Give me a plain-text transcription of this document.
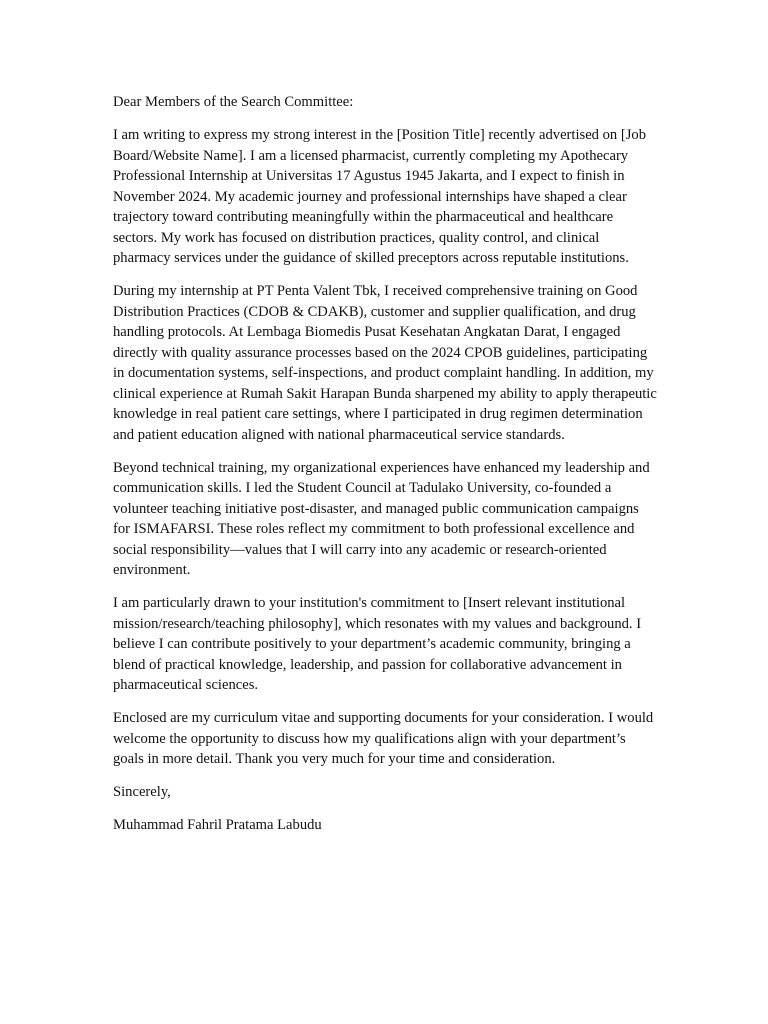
Dear Members of the Search Committee:

I am writing to express my strong interest in the [Position Title] recently advertised on [Job Board/Website Name]. I am a licensed pharmacist, currently completing my Apothecary Professional Internship at Universitas 17 Agustus 1945 Jakarta, and I expect to finish in November 2024. My academic journey and professional internships have shaped a clear trajectory toward contributing meaningfully within the pharmaceutical and healthcare sectors. My work has focused on distribution practices, quality control, and clinical pharmacy services under the guidance of skilled preceptors across reputable institutions.

During my internship at PT Penta Valent Tbk, I received comprehensive training on Good Distribution Practices (CDOB & CDAKB), customer and supplier qualification, and drug handling protocols. At Lembaga Biomedis Pusat Kesehatan Angkatan Darat, I engaged directly with quality assurance processes based on the 2024 CPOB guidelines, participating in documentation systems, self-inspections, and product complaint handling. In addition, my clinical experience at Rumah Sakit Harapan Bunda sharpened my ability to apply therapeutic knowledge in real patient care settings, where I participated in drug regimen determination and patient education aligned with national pharmaceutical service standards.

Beyond technical training, my organizational experiences have enhanced my leadership and communication skills. I led the Student Council at Tadulako University, co-founded a volunteer teaching initiative post-disaster, and managed public communication campaigns for ISMAFARSI. These roles reflect my commitment to both professional excellence and social responsibility—values that I will carry into any academic or research-oriented environment.

I am particularly drawn to your institution's commitment to [Insert relevant institutional mission/research/teaching philosophy], which resonates with my values and background. I believe I can contribute positively to your department’s academic community, bringing a blend of practical knowledge, leadership, and passion for collaborative advancement in pharmaceutical sciences.

Enclosed are my curriculum vitae and supporting documents for your consideration. I would welcome the opportunity to discuss how my qualifications align with your department’s goals in more detail. Thank you very much for your time and consideration.

Sincerely,

Muhammad Fahril Pratama Labudu
